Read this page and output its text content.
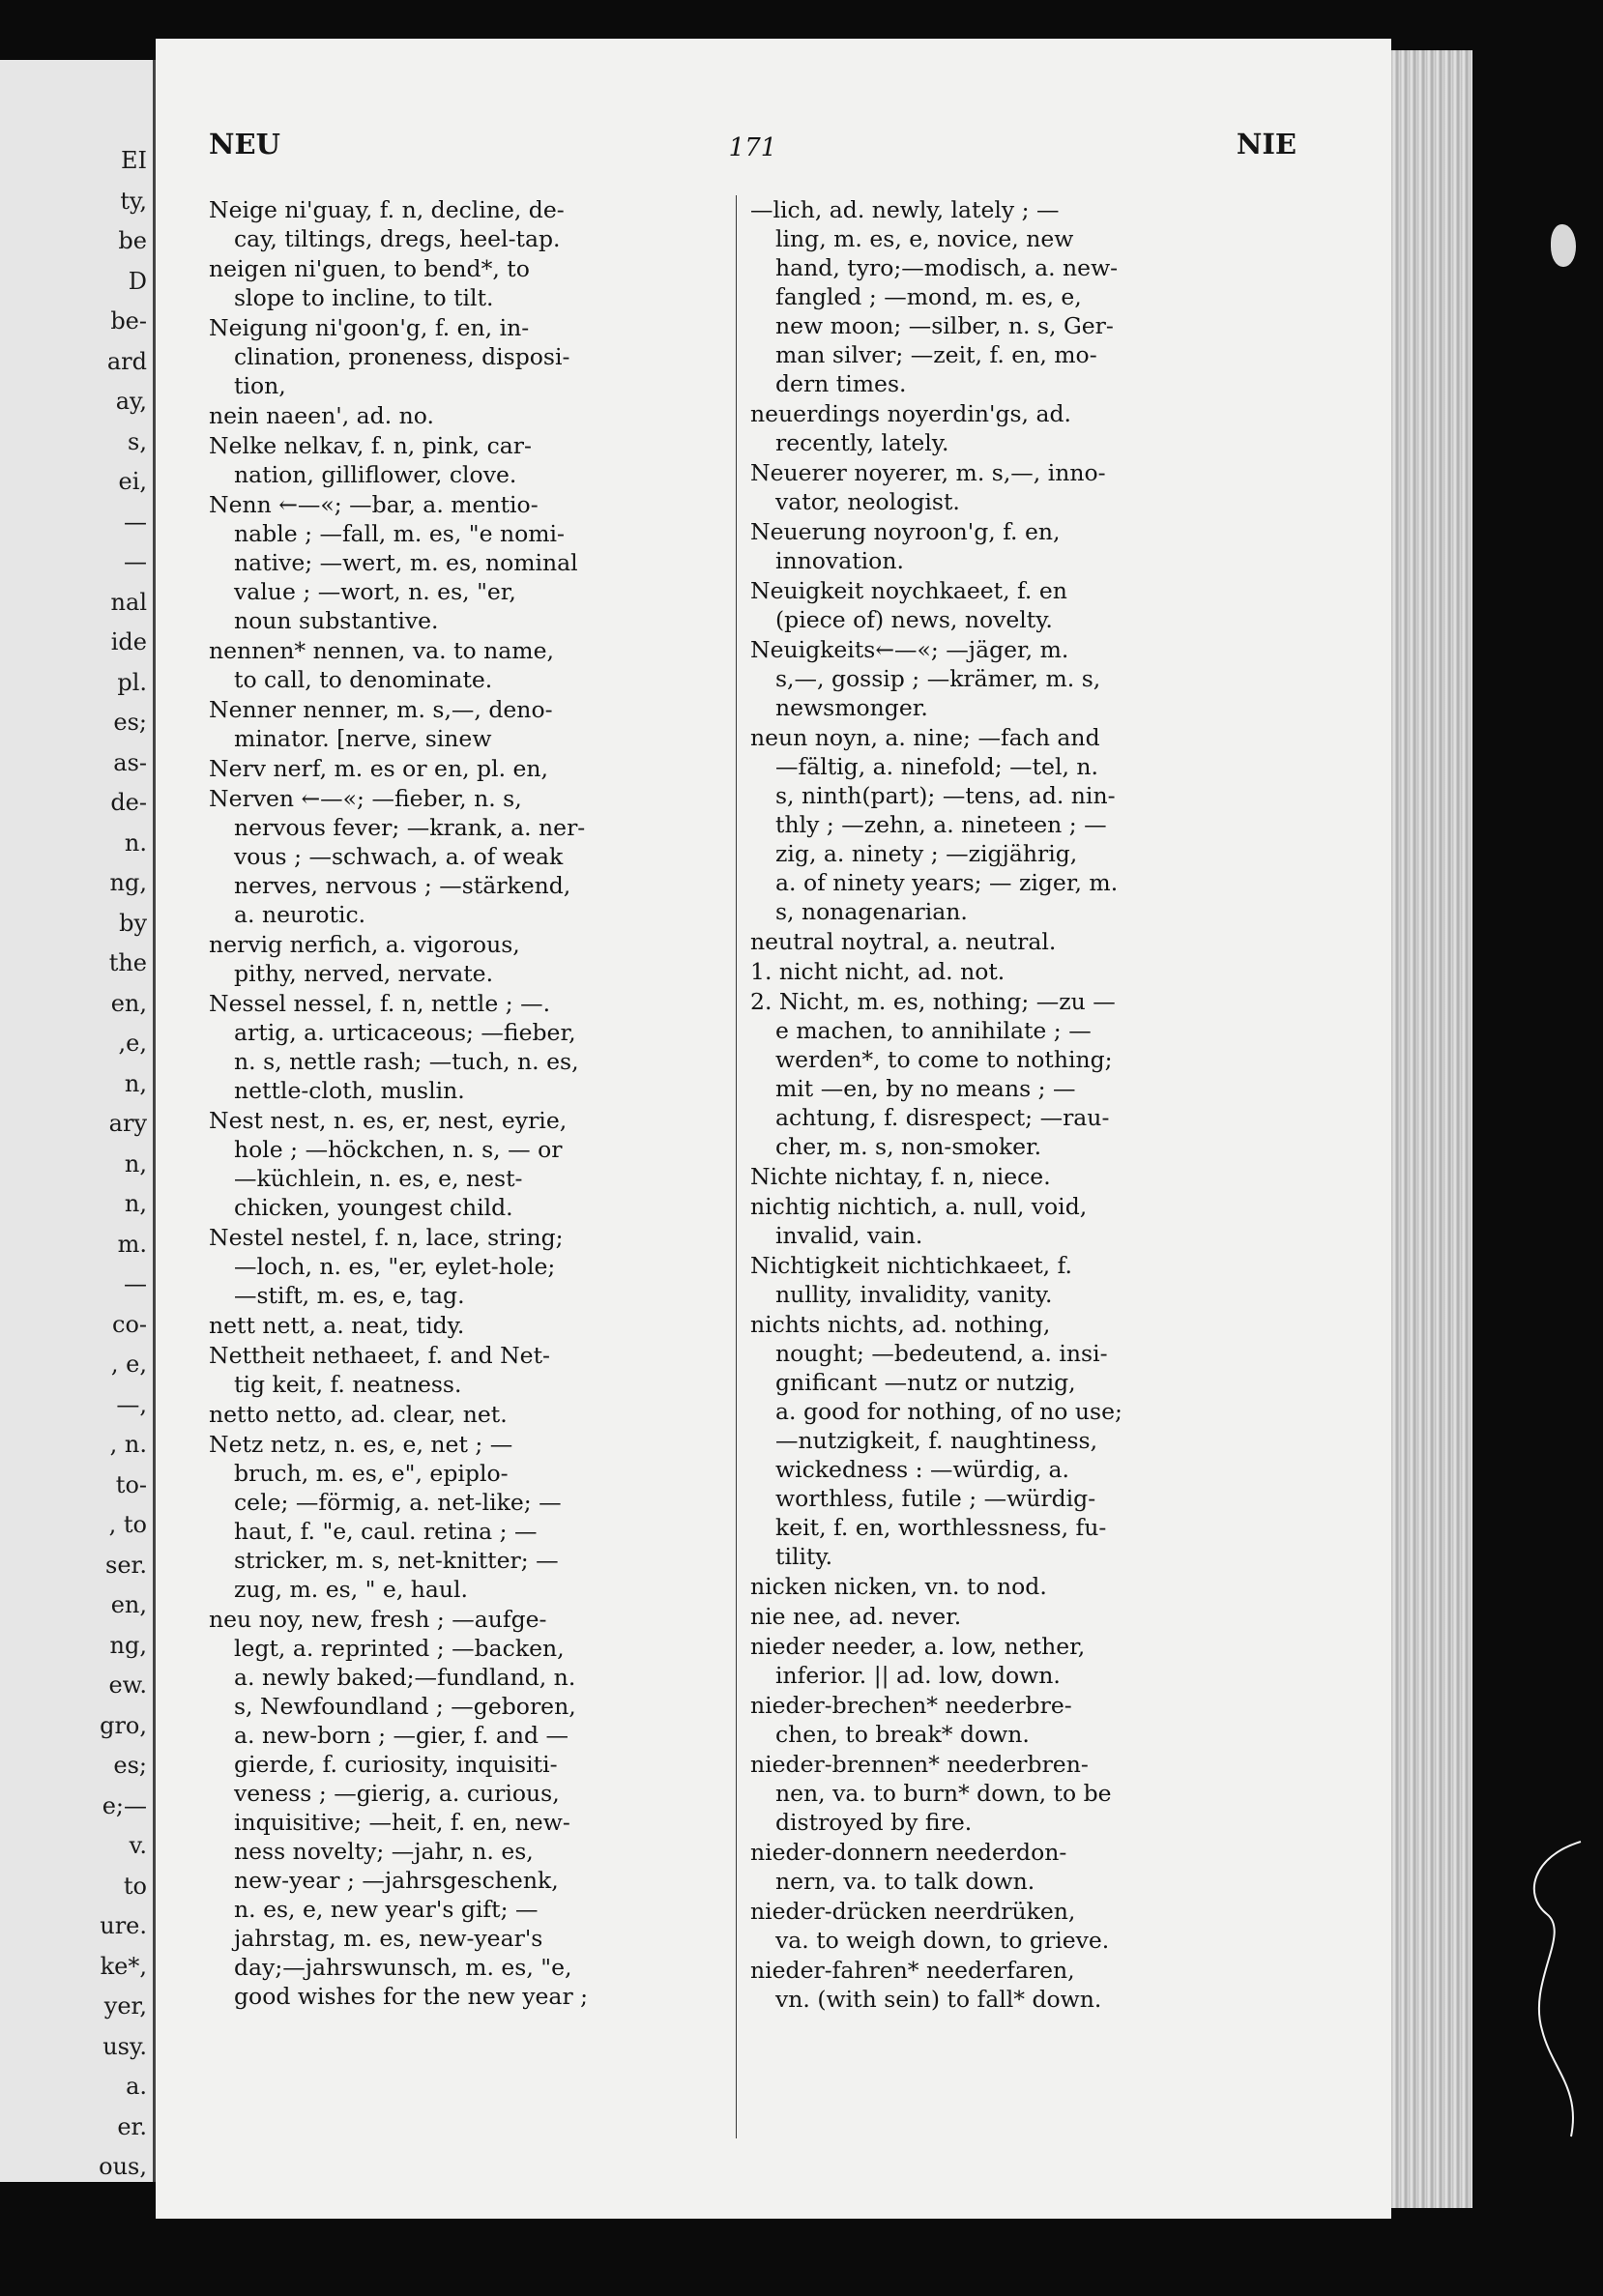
EI
ty,
be
D
be-
ard
ay,
s,
ei,
—
—
nal
ide
pl.
es;
as-
de-
n.
ng,
by
the
en,
,e,
n,
ary
n,
n,
m.
—
co-
, e,
—,
, n.
to-
, to
ser.
en,
ng,
ew.
gro,
es;
e;—
v.
to
ure.
ke*,
yer,
usy.
a.
er.
ous,
NEU	171	NIE
Neige ni'guay, f. n, decline, de-
cay, tiltings, dregs, heel-tap.
neigen ni'guen, to bend*, to
slope to incline, to tilt.
Neigung ni'goon'g, f. en, in-
clination, proneness, disposi-
tion,
nein naeen', ad. no.
Nelke nelkav, f. n, pink, car-
nation, gilliflower, clove.
Nenn ←—«; —bar, a. mentio-
nable ; —fall, m. es, "e nomi-
native; —wert, m. es, nominal
value ; —wort, n. es, "er,
noun substantive.
nennen* nennen, va. to name,
to call, to denominate.
Nenner nenner, m. s,—, deno-
minator. [nerve, sinew
Nerv nerf, m. es or en, pl. en,
Nerven ←—«; —fieber, n. s,
nervous fever; —krank, a. ner-
vous ; —schwach, a. of weak
nerves, nervous ; —stärkend,
a. neurotic.
nervig nerfich, a. vigorous,
pithy, nerved, nervate.
Nessel nessel, f. n, nettle ; —.
artig, a. urticaceous; —fieber,
n. s, nettle rash; —tuch, n. es,
nettle-cloth, muslin.
Nest nest, n. es, er, nest, eyrie,
hole ; —höckchen, n. s, — or
—küchlein, n. es, e, nest-
chicken, youngest child.
Nestel nestel, f. n, lace, string;
—loch, n. es, "er, eylet-hole;
—stift, m. es, e, tag.
nett nett, a. neat, tidy.
Nettheit nethaeet, f. and Net-
tig keit, f. neatness.
netto netto, ad. clear, net.
Netz netz, n. es, e, net ; —
bruch, m. es, e", epiplo-
cele; —förmig, a. net-like; —
haut, f. "e, caul. retina ; —
stricker, m. s, net-knitter; —
zug, m. es, " e, haul.
neu noy, new, fresh ; —aufge-
legt, a. reprinted ; —backen,
a. newly baked;—fundland, n.
s, Newfoundland ; —geboren,
a. new-born ; —gier, f. and —
gierde, f. curiosity, inquisiti-
veness ; —gierig, a. curious,
inquisitive; —heit, f. en, new-
ness novelty; —jahr, n. es,
new-year ; —jahrsgeschenk,
n. es, e, new year's gift; —
jahrstag, m. es, new-year's
day;—jahrswunsch, m. es, "e,
good wishes for the new year ;
—lich, ad. newly, lately ; —
ling, m. es, e, novice, new
hand, tyro;—modisch, a. new-
fangled ; —mond, m. es, e,
new moon; —silber, n. s, Ger-
man silver; —zeit, f. en, mo-
dern times.
neuerdings noyerdin'gs, ad.
recently, lately.
Neuerer noyerer, m. s,—, inno-
vator, neologist.
Neuerung noyroon'g, f. en,
innovation.
Neuigkeit noychkaeet, f. en
(piece of) news, novelty.
Neuigkeits←—«; —jäger, m.
s,—, gossip ; —krämer, m. s,
newsmonger.
neun noyn, a. nine; —fach and
—fältig, a. ninefold; —tel, n.
s, ninth(part); —tens, ad. nin-
thly ; —zehn, a. nineteen ; —
zig, a. ninety ; —zigjährig,
a. of ninety years; — ziger, m.
s, nonagenarian.
neutral noytral, a. neutral.
1. nicht nicht, ad. not.
2. Nicht, m. es, nothing; —zu —
e machen, to annihilate ; —
werden*, to come to nothing;
mit —en, by no means ; —
achtung, f. disrespect; —rau-
cher, m. s, non-smoker.
Nichte nichtay, f. n, niece.
nichtig nichtich, a. null, void,
invalid, vain.
Nichtigkeit nichtichkaeet, f.
nullity, invalidity, vanity.
nichts nichts, ad. nothing,
nought; —bedeutend, a. insi-
gnificant —nutz or nutzig,
a. good for nothing, of no use;
—nutzigkeit, f. naughtiness,
wickedness : —würdig, a.
worthless, futile ; —würdig-
keit, f. en, worthlessness, fu-
tility.
nicken nicken, vn. to nod.
nie nee, ad. never.
nieder needer, a. low, nether,
inferior. || ad. low, down.
nieder-brechen* neederbre-
chen, to break* down.
nieder-brennen* neederbren-
nen, va. to burn* down, to be
distroyed by fire.
nieder-donnern neederdon-
nern, va. to talk down.
nieder-drücken neerdrüken,
va. to weigh down, to grieve.
nieder-fahren* neederfaren,
vn. (with sein) to fall* down.
